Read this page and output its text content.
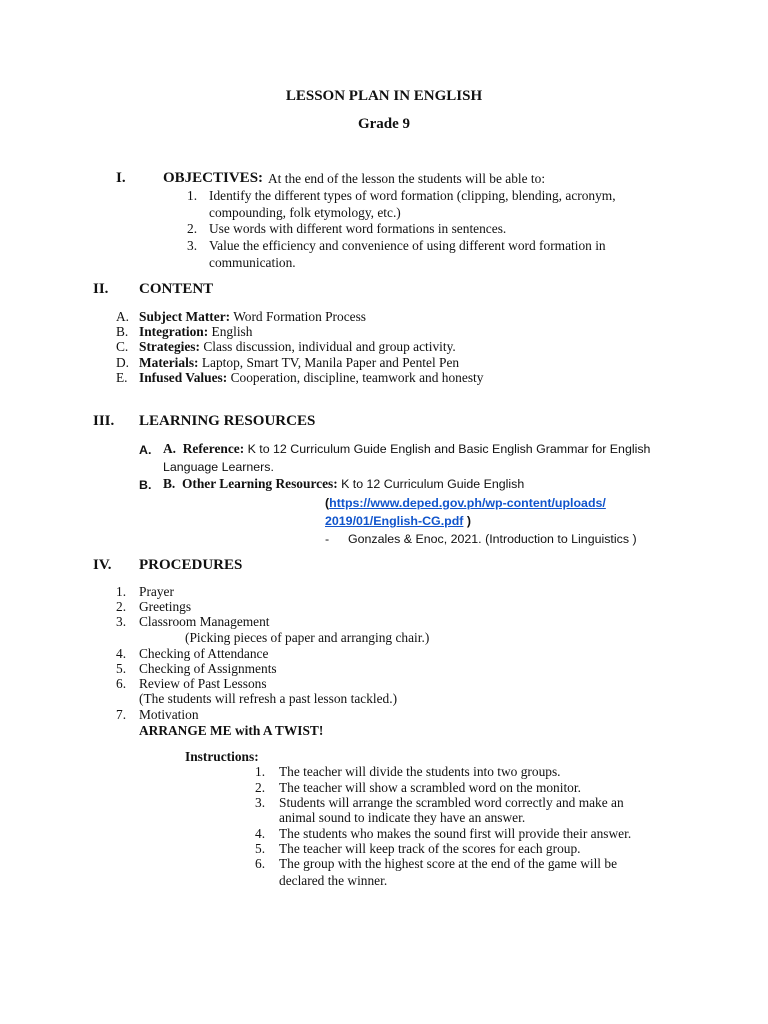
LESSON PLAN IN ENGLISH
Grade 9
I. OBJECTIVES: At the end of the lesson the students will be able to:
1. Identify the different types of word formation (clipping, blending, acronym,
compounding, folk etymology, etc.)
2. Use words with different word formations in sentences.
3. Value the efficiency and convenience of using different word formation in
communication.
II. CONTENT
A. Subject Matter: Word Formation Process
B. Integration: English
C. Strategies: Class discussion, individual and group activity.
D. Materials: Laptop, Smart TV, Manila Paper and Pentel Pen
E. Infused Values: Cooperation, discipline, teamwork and honesty
III. LEARNING RESOURCES
A. A. Reference: K to 12 Curriculum Guide English and Basic English Grammar for English
Language Learners.
B. B. Other Learning Resources: K to 12 Curriculum Guide English
(https://www.deped.gov.ph/wp-content/uploads/
2019/01/English-CG.pdf )
- Gonzales & Enoc, 2021. (Introduction to Linguistics )
IV. PROCEDURES
1. Prayer
2. Greetings
3. Classroom Management
(Picking pieces of paper and arranging chair.)
4. Checking of Attendance
5. Checking of Assignments
6. Review of Past Lessons
(The students will refresh a past lesson tackled.)
7. Motivation
ARRANGE ME with A TWIST!
Instructions:
1. The teacher will divide the students into two groups.
2. The teacher will show a scrambled word on the monitor.
3. Students will arrange the scrambled word correctly and make an
animal sound to indicate they have an answer.
4. The students who makes the sound first will provide their answer.
5. The teacher will keep track of the scores for each group.
6. The group with the highest score at the end of the game will be
declared the winner.
